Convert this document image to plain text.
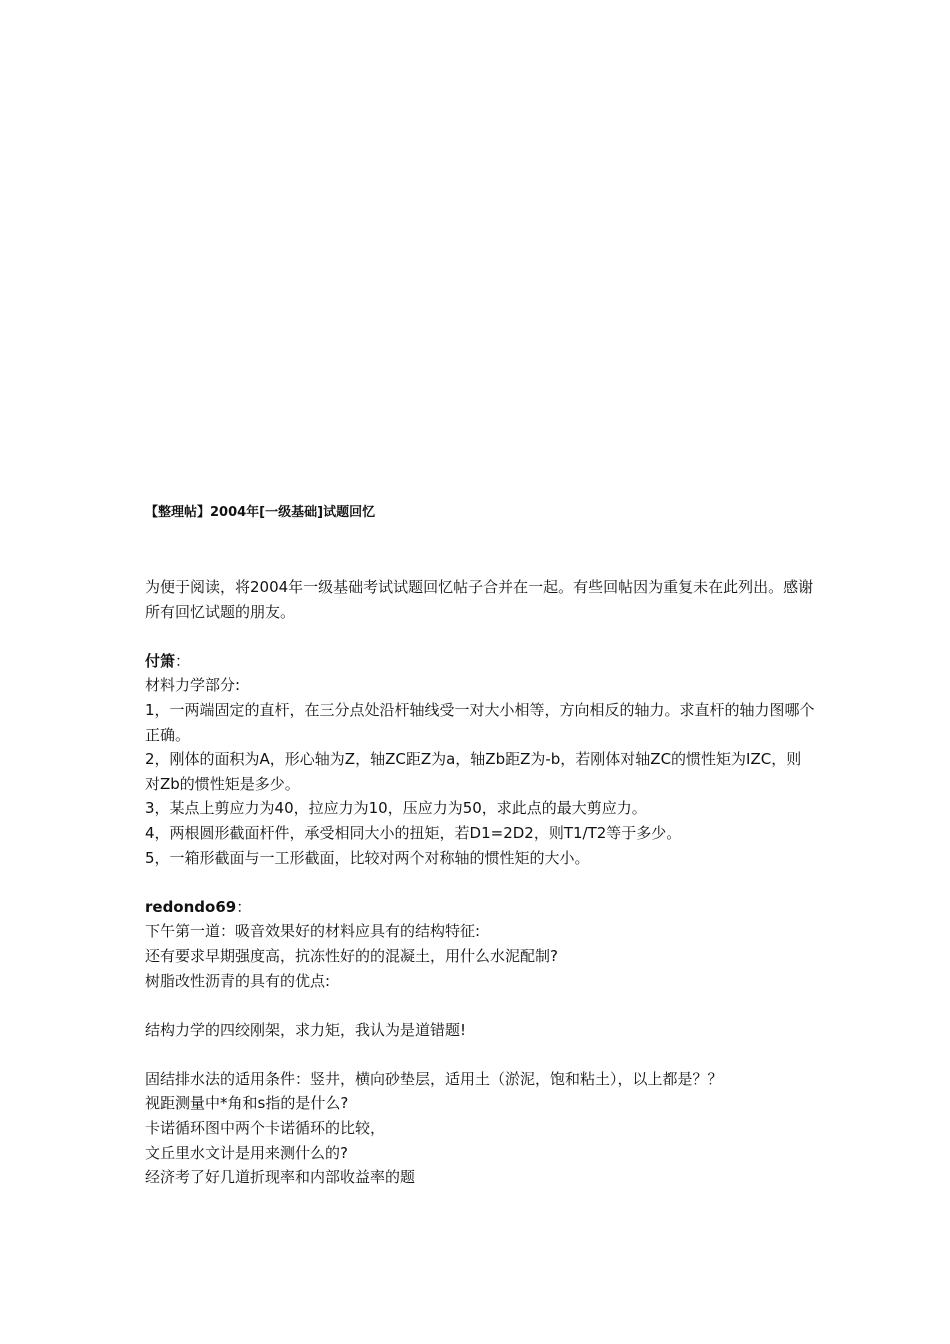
【整理帖】2004年[一级基础]试题回忆

为便于阅读，将2004年一级基础考试试题回忆帖子合并在一起。有些回帖因为重复未在此列出。感谢所有回忆试题的朋友。

付箫：

材料力学部分:

1，一两端固定的直杆，在三分点处沿杆轴线受一对大小相等，方向相反的轴力。求直杆的轴力图哪个正确。

2，刚体的面积为A，形心轴为Z，轴ZC距Z为a，轴Zb距Z为-b，若刚体对轴ZC的惯性矩为IZC，则对Zb的惯性矩是多少。

3，某点上剪应力为40，拉应力为10，压应力为50，求此点的最大剪应力。

4，两根圆形截面杆件，承受相同大小的扭矩，若D1=2D2，则T1/T2等于多少。

5，一箱形截面与一工形截面，比较对两个对称轴的惯性矩的大小。

redondo69：

下午第一道：吸音效果好的材料应具有的结构特征:

还有要求早期强度高，抗冻性好的的混凝土，用什么水泥配制?

树脂改性沥青的具有的优点:

结构力学的四绞刚架，求力矩，我认为是道错题!

固结排水法的适用条件：竖井，横向砂垫层，适用土（淤泥，饱和粘土），以上都是？？

视距测量中*角和s指的是什么?

卡诺循环图中两个卡诺循环的比较，

文丘里水文计是用来测什么的?

经济考了好几道折现率和内部收益率的题
